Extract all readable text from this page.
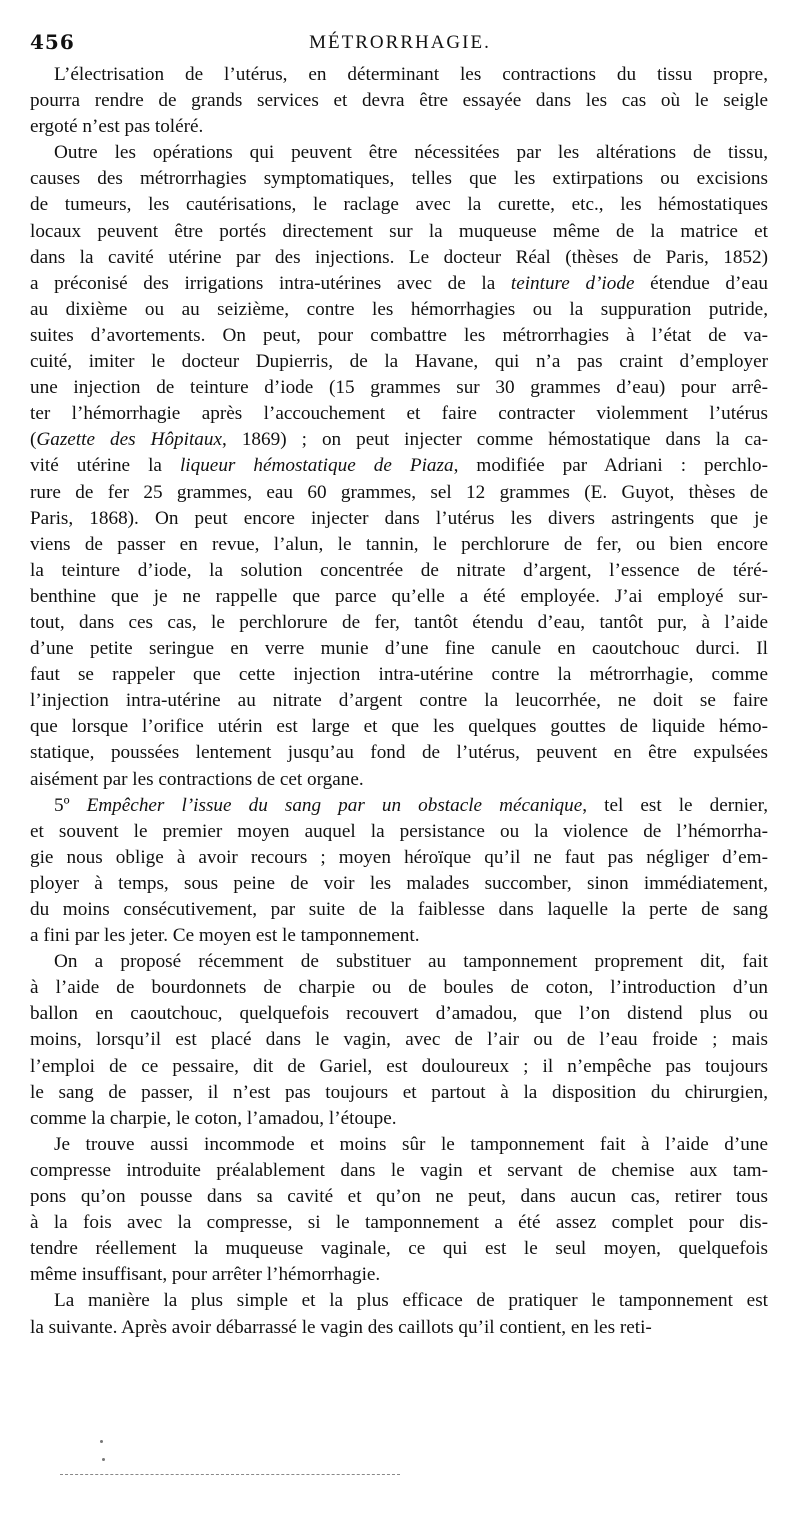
456	MÉTRORRHAGIE.
L’électrisation de l’utérus, en déterminant les contractions du tissu propre,
pourra rendre de grands services et devra être essayée dans les cas où le seigle
ergoté n’est pas toléré.
Outre les opérations qui peuvent être nécessitées par les altérations de tissu,
causes des métrorrhagies symptomatiques, telles que les extirpations ou excisions
de tumeurs, les cautérisations, le raclage avec la curette, etc., les hémostatiques
locaux peuvent être portés directement sur la muqueuse même de la matrice et
dans la cavité utérine par des injections. Le docteur Réal (thèses de Paris, 1852)
a préconisé des irrigations intra-utérines avec de la teinture d’iode étendue d’eau
au dixième ou au seizième, contre les hémorrhagies ou la suppuration putride,
suites d’avortements. On peut, pour combattre les métrorrhagies à l’état de va-
cuité, imiter le docteur Dupierris, de la Havane, qui n’a pas craint d’employer
une injection de teinture d’iode (15 grammes sur 30 grammes d’eau) pour arrê-
ter l’hémorrhagie après l’accouchement et faire contracter violemment l’utérus
(Gazette des Hôpitaux, 1869) ; on peut injecter comme hémostatique dans la ca-
vité utérine la liqueur hémostatique de Piaza, modifiée par Adriani : perchlo-
rure de fer 25 grammes, eau 60 grammes, sel 12 grammes (E. Guyot, thèses de
Paris, 1868). On peut encore injecter dans l’utérus les divers astringents que je
viens de passer en revue, l’alun, le tannin, le perchlorure de fer, ou bien encore
la teinture d’iode, la solution concentrée de nitrate d’argent, l’essence de téré-
benthine que je ne rappelle que parce qu’elle a été employée. J’ai employé sur-
tout, dans ces cas, le perchlorure de fer, tantôt étendu d’eau, tantôt pur, à l’aide
d’une petite seringue en verre munie d’une fine canule en caoutchouc durci. Il
faut se rappeler que cette injection intra-utérine contre la métrorrhagie, comme
l’injection intra-utérine au nitrate d’argent contre la leucorrhée, ne doit se faire
que lorsque l’orifice utérin est large et que les quelques gouttes de liquide hémo-
statique, poussées lentement jusqu’au fond de l’utérus, peuvent en être expulsées
aisément par les contractions de cet organe.
5º Empêcher l’issue du sang par un obstacle mécanique, tel est le dernier,
et souvent le premier moyen auquel la persistance ou la violence de l’hémorrha-
gie nous oblige à avoir recours ; moyen héroïque qu’il ne faut pas négliger d’em-
ployer à temps, sous peine de voir les malades succomber, sinon immédiatement,
du moins consécutivement, par suite de la faiblesse dans laquelle la perte de sang
a fini par les jeter. Ce moyen est le tamponnement.
On a proposé récemment de substituer au tamponnement proprement dit, fait
à l’aide de bourdonnets de charpie ou de boules de coton, l’introduction d’un
ballon en caoutchouc, quelquefois recouvert d’amadou, que l’on distend plus ou
moins, lorsqu’il est placé dans le vagin, avec de l’air ou de l’eau froide ; mais
l’emploi de ce pessaire, dit de Gariel, est douloureux ; il n’empêche pas toujours
le sang de passer, il n’est pas toujours et partout à la disposition du chirurgien,
comme la charpie, le coton, l’amadou, l’étoupe.
Je trouve aussi incommode et moins sûr le tamponnement fait à l’aide d’une
compresse introduite préalablement dans le vagin et servant de chemise aux tam-
pons qu’on pousse dans sa cavité et qu’on ne peut, dans aucun cas, retirer tous
à la fois avec la compresse, si le tamponnement a été assez complet pour dis-
tendre réellement la muqueuse vaginale, ce qui est le seul moyen, quelquefois
même insuffisant, pour arrêter l’hémorrhagie.
La manière la plus simple et la plus efficace de pratiquer le tamponnement est
la suivante. Après avoir débarrassé le vagin des caillots qu’il contient, en les reti-
